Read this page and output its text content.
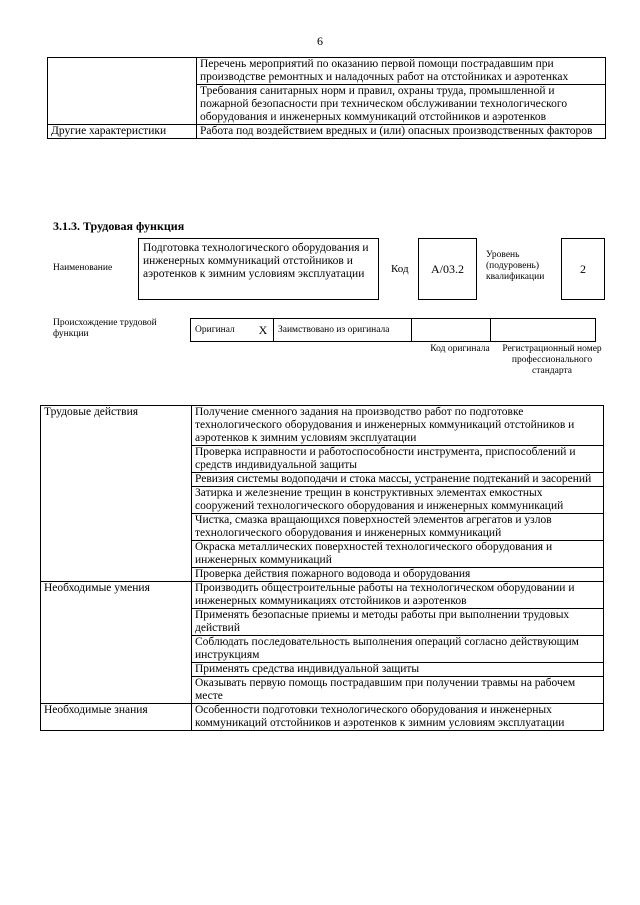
6
	Перечень мероприятий по оказанию первой помощи пострадавшим при производстве ремонтных и наладочных работ на отстойниках и аэротенках
	Требования санитарных норм и правил, охраны труда, промышленной и пожарной безопасности при техническом обслуживании технологического оборудования и инженерных коммуникаций отстойников и аэротенков
Другие характеристики	Работа под воздействием вредных и (или) опасных производственных факторов
3.1.3. Трудовая функция
Наименование
Подготовка технологического оборудования и инженерных коммуникаций отстойников и аэротенков к зимним условиям эксплуатации	Код	А/03.2
Уровень (подуровень) квалификации
2
Происхождение трудовой функции	Оригинал	X	Заимствовано из оригинала		
Код оригинала Регистрационный номер профессионального стандарта
Трудовые действия	Получение сменного задания на производство работ по подготовке технологического оборудования и инженерных коммуникаций отстойников и аэротенков к зимним условиям эксплуатации
	Проверка исправности и работоспособности инструмента, приспособлений и средств индивидуальной защиты
	Ревизия системы водоподачи и стока массы, устранение подтеканий и засорений
	Затирка и железнение трещин в конструктивных элементах емкостных сооружений технологического оборудования и инженерных коммуникаций
	Чистка, смазка вращающихся поверхностей элементов агрегатов и узлов технологического оборудования и инженерных коммуникаций
	Окраска металлических поверхностей технологического оборудования и инженерных коммуникаций
	Проверка действия пожарного водовода и оборудования
Необходимые умения	Производить общестроительные работы на технологическом оборудовании и инженерных коммуникациях отстойников и аэротенков
	Применять безопасные приемы и методы работы при выполнении трудовых действий
	Соблюдать последовательность выполнения операций согласно действующим инструкциям
	Применять средства индивидуальной защиты
	Оказывать первую помощь пострадавшим при получении травмы на рабочем месте
Необходимые знания	Особенности подготовки технологического оборудования и инженерных коммуникаций отстойников и аэротенков к зимним условиям эксплуатации
